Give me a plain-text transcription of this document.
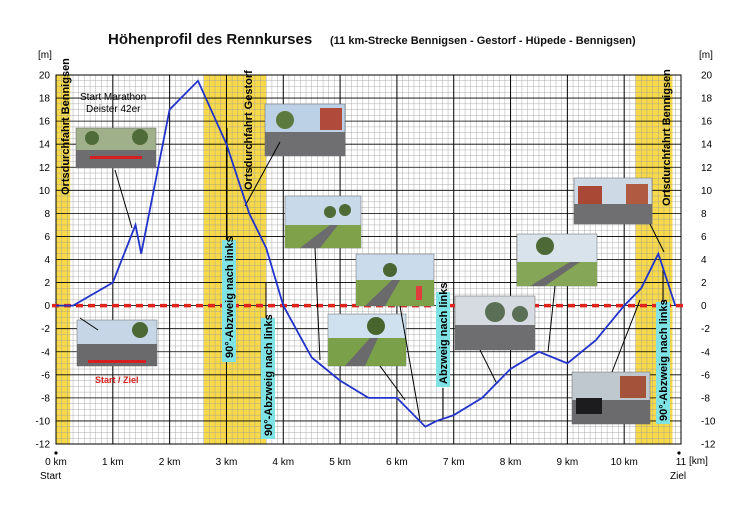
Höhenprofil des Rennkurses (11 km-Strecke Bennigsen - Gestorf - Hüpede - Bennigsen)
[m]	[m]
[km]
20
18
16
14
12
10
8
6
4
2
0
-2
-4
-6
-8
-10
-12
20
18
16
14
12
10
8
6
4
2
0
-2
-4
-6
-8
-10
-12
0 km	1 km	2 km	3 km	4 km	5 km	6 km	7 km	8 km	9 km	10 km	11
Start	Ziel
Start Marathon
Deister 42er
Start / Ziel
Ortsdurchfahrt Bennigsen	Ortsdurchfahrt Gestorf	Ortsdurchfahrt Bennigsen
90°-Abzweig nach links
90°-Abzweig nach links	Abzweig nach links	90°-Abzweig nach links
